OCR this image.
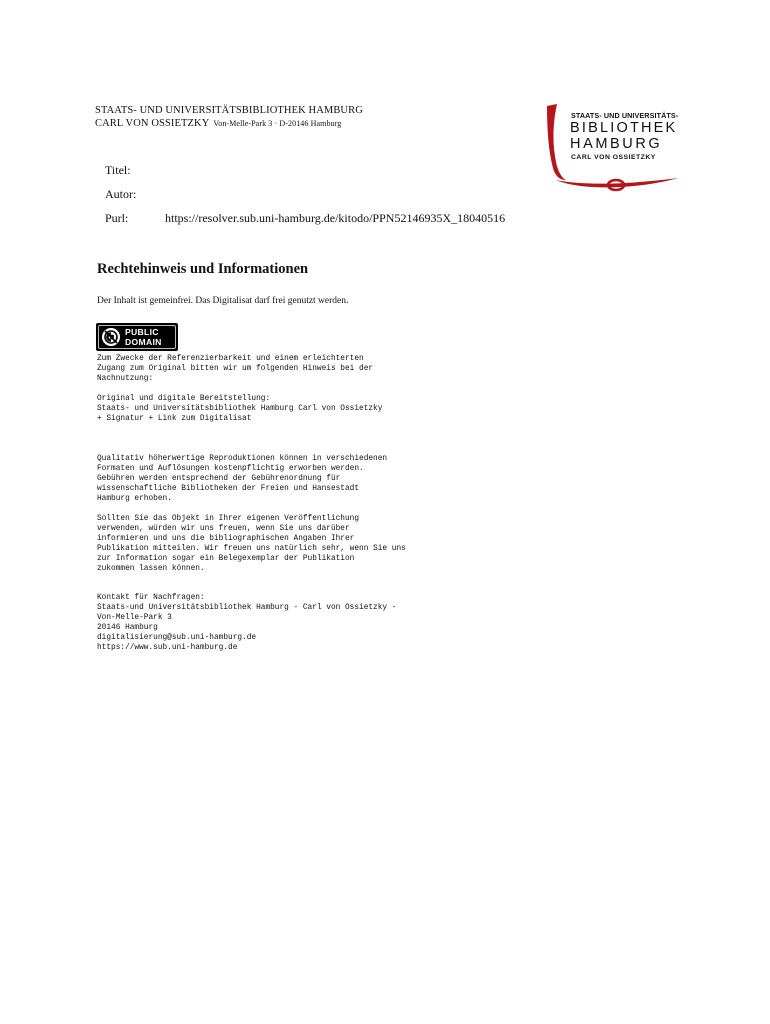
STAATS- UND UNIVERSITÄTSBIBLIOTHEK HAMBURG
CARL VON OSSIETZKY Von-Melle-Park 3 · D-20146 Hamburg
STAATS- UND UNIVERSITÄTS-
BIBLIOTHEK
HAMBURG
CARL VON OSSIETZKY
Titel:
Autor:
Purl:	https://resolver.sub.uni-hamburg.de/kitodo/PPN52146935X_18040516
Rechtehinweis und Informationen
Der Inhalt ist gemeinfrei. Das Digitalisat darf frei genutzt werden.
PUBLIC
DOMAIN
Zum Zwecke der Referenzierbarkeit und einem erleichterten
Zugang zum Original bitten wir um folgenden Hinweis bei der
Nachnutzung:
Original und digitale Bereitstellung:
Staats- und Universitätsbibliothek Hamburg Carl von Ossietzky
+ Signatur + Link zum Digitalisat
Qualitativ höherwertige Reproduktionen können in verschiedenen
Formaten und Auflösungen kostenpflichtig erworben werden.
Gebühren werden entsprechend der Gebührenordnung für
wissenschaftliche Bibliotheken der Freien und Hansestadt
Hamburg erhoben.
Sollten Sie das Objekt in Ihrer eigenen Veröffentlichung
verwenden, würden wir uns freuen, wenn Sie uns darüber
informieren und uns die bibliographischen Angaben Ihrer
Publikation mitteilen. Wir freuen uns natürlich sehr, wenn Sie uns
zur Information sogar ein Belegexemplar der Publikation
zukommen lassen können.
Kontakt für Nachfragen:
Staats-und Universitätsbibliothek Hamburg - Carl von Ossietzky -
Von-Melle-Park 3
20146 Hamburg
digitalisierung@sub.uni-hamburg.de
https://www.sub.uni-hamburg.de
